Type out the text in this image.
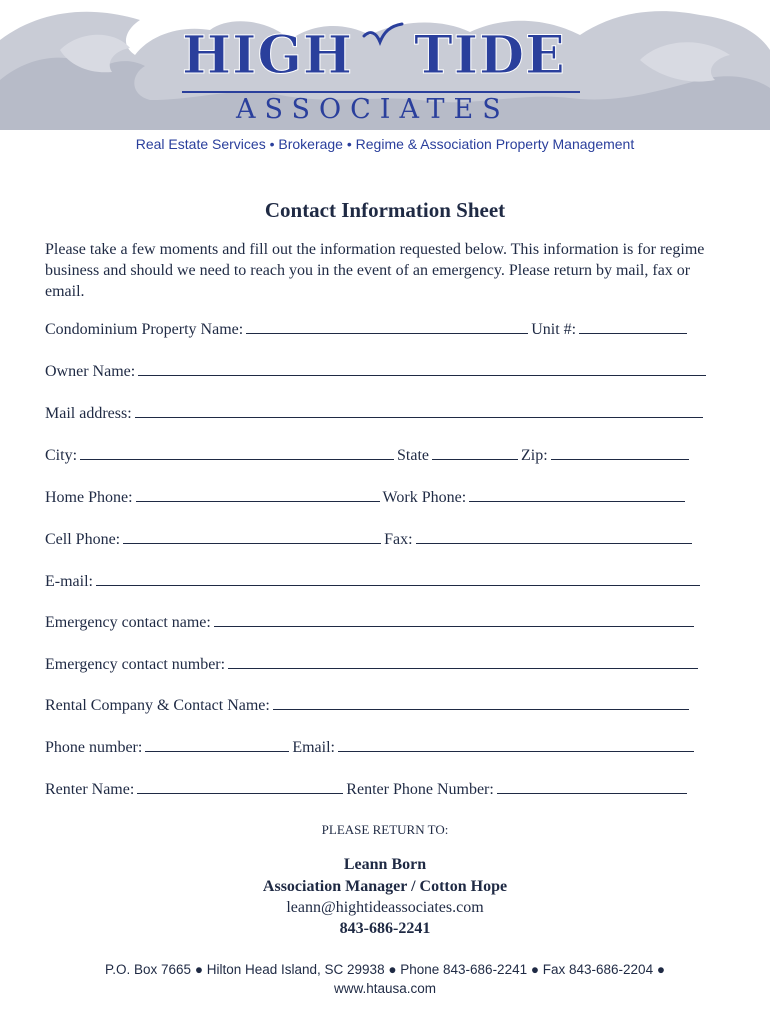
HIGH TIDE
ASSOCIATES
Real Estate Services • Brokerage • Regime & Association Property Management
Contact Information Sheet
Please take a few moments and fill out the information requested below. This information is for regime business and should we need to reach you in the event of an emergency. Please return by mail, fax or email.
Condominium Property Name:	Unit #:
Owner Name:
Mail address:
City:	State	Zip:
Home Phone:	Work Phone:
Cell Phone:	Fax:
E-mail:
Emergency contact name:
Emergency contact number:
Rental Company & Contact Name:
Phone number:	Email:
Renter Name:	Renter Phone Number:
PLEASE RETURN TO:
Leann Born
Association Manager / Cotton Hope
leann@hightideassociates.com
843-686-2241
P.O. Box 7665 ● Hilton Head Island, SC 29938 ● Phone 843-686-2241 ● Fax 843-686-2204 ●
www.htausa.com
